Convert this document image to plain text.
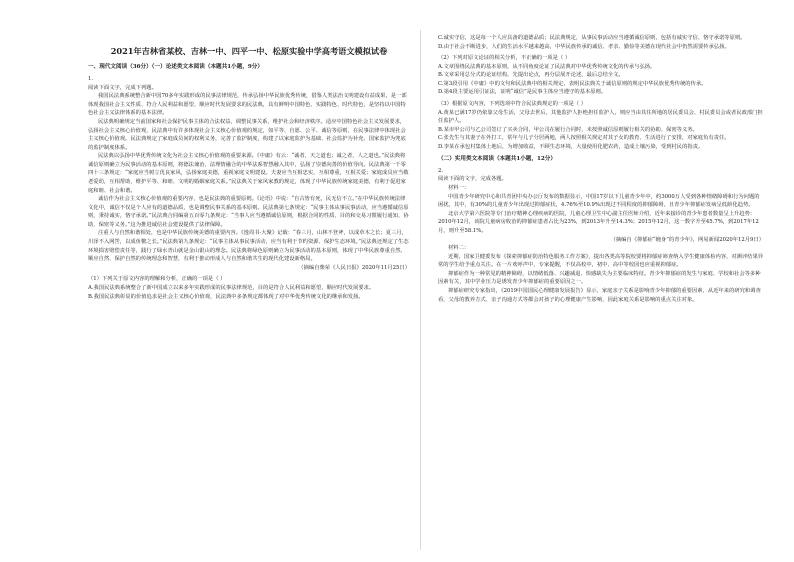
2021年吉林省某校、吉林一中、四平一中、松原实验中学高考语文模拟试卷
一、现代文阅读（36分）（一）论述类文本阅读（本题共1小题，9分）

1.

阅读下面文字，完成下列题。

我国民法典系统整合新中国70多年实践形成的民事法律规范，传承弘扬中华民族优秀传统，借鉴人类法治文明建设有益成果，是一部体现我国社会主义性质、符合人民利益和愿望、顺应时代发展要求的民法典，具有鲜明中国特色、实践特色、时代特色，是坚持以中国特色社会主义法律体系的基本法律。

民法典明确规定当前国家和社会保护民事主体的合法权益，调整民事关系，维护社会和经济秩序。适应中国特色社会主义发展要求，弘扬社会主义核心价值观，民法典中有许多体现社会主义核心价值观的规定，如平等、自愿、公平、诚信等原则，在民事法律中体现社会主义核心价值观。民法典规定了家庭成员间的权利义务，完善了监护制度，构建了以家庭监护为基础、社会监护为补充、国家监护为兜底的监护制度体系。

民法典以弘扬中华优秀传统文化为社会主义核心价值观的重要来源。《中庸》有云：“诚者，天之道也；诚之者，人之道也。”民法典将诚信原则确立为民事活动的基本原则，将德法兼治、法理情融合的中华法系智慧融入其中，弘扬了崇德向善的价值导向。民法典第一千零四十三条规定：“家庭应当树立优良家风，弘扬家庭美德，重视家庭文明建设。夫妻应当互相忠实，互相尊重，互相关爱；家庭成员应当敬老爱幼，互相帮助，维护平等、和睦、文明的婚姻家庭关系。”民法典关于家风家教的规定，体现了中华民族传统家庭美德，有利于促进家庭和睦、社会和谐。

诚信作为社会主义核心价值观的重要内容，也是民法典的重要原则。《论语》中说：“自古皆有死，民无信不立。”在中华民族传统法律文化中，诚信不仅是个人应有的道德品质，也是调整民事关系的基本原则。民法典第七条规定：“民事主体从事民事活动，应当遵循诚信原则，秉持诚实，恪守承诺。”民法典合同编第五百零九条规定：“当事人应当遵循诚信原则，根据合同的性质、目的和交易习惯履行通知、协助、保密等义务。”这为推进诚信社会建设提供了法律保障。

注重人与自然和谐相处，也是中华民族传统美德的重要内容。《逸周书·大聚》记载：“春三月，山林不登斧，以成草木之长；夏三月，川泽不入网罟，以成鱼鳖之长。”民法典第九条规定：“民事主体从事民事活动，应当有利于节约资源、保护生态环境。”民法典还规定了生态环境损害赔偿责任等，践行了绿水青山就是金山银山的理念。民法典将绿色原则确立为民事活动的基本原则，体现了中华民族尊重自然、顺应自然、保护自然的传统理念和智慧，有利于推动形成人与自然和谐共生的现代化建设新格局。

（摘编自柴荣《人民日报》2020年11月25日）

（1）下列关于原文内容的理解和分析，正确的一项是（ ）

A.我国民法典系统整合了新中国成立以来多年实践形成的民事法律规范，目的是符合人民利益和愿望、顺应时代发展要求。

B.我国民法典彰显的价值追求是社会主义核心价值观，民法典中多条规定都体现了对中华优秀传统文化的继承和发扬。

C.诚实守信，这是每一个人应具备的道德品质；民法典规定，从事民事活动应当遵循诚信原则，包括有诚实守信、恪守承诺等原则。

D.由于社会不断进步，人们的生活水平越来越高，中华民族传承的诚信、孝亲、勤俭等美德在现代社会中仍然需要传承弘扬。

（2）下列对原文论证的相关分析，不正确的一项是（ ）

A.文章围绕民法典的基本原则，从不同角度论证了民法典对中华优秀传统文化的传承与弘扬。

B.文章采用总分式的论证结构，先提出论点，再分层展开论述，最后总结全文。

C.第3段引用《中庸》中的文句和民法典中的相关规定，表明民法典关于诚信原则的规定中华民族优秀传统的传承。

D.第4段主要运用引证法，证明“诚信”是民事主体应当遵守的基本原则。

（3）根据原文内容，下列选项中符合民法典规定的一项是（ ）

A.黄某已满17岁仍依靠父母生活，父母去世后，其他监护人拒绝担任监护人，则应当由其住所地的居民委员会、村民委员会或者民政部门担任监护人。

B.某市甲公司与乙公司签订了买卖合同，甲公司在履行合同时，未按照诚信原则履行相关的协助、保密等义务。

C.张先生与其妻子在外打工，常年与儿子分居两地，两人按照相关规定对其子女的教育、生活进行了安排，对家庭负有责任。

D.李某在承包村集体土地后，为增加收益，不顾生态环境，大量使用化肥农药，造成土壤污染，受到村民的指责。

（二）实用类文本阅读（本题共1小题，12分）

2.

阅读下面的文字，完成各题。

材料一：

中国青少年研究中心和共青团中央办公厅发布的数据显示，中国17岁以下儿童青少年中，约3000万人受到各种情绪障碍和行为问题的困扰，其中，有30%的儿童青少年出现过抑郁症状，4.76%至10.9%出现过不同程度的抑郁障碍，且青少年抑郁症发病呈低龄化趋势。

北京大学第六医院等专门治疗精神心理疾病的医院，儿童心理卫生中心副主任医师介绍，近年来接诊的青少年患者数量呈上升趋势：2010年12月，该院儿童病房收治的抑郁症患者占比为23%，到2013年升至14.3%；2015年12月，这一数字升至45.7%，到2017年12月，则升至58.1%。

（摘编自《抑郁症“缠身”的青少年》，网易新闻2020年12月9日）

材料二：

近期，国家卫健委发布《探索抑郁症防治特色服务工作方案》，提出各类高等院校要将抑郁症筛查纳入学生健康体检内容，对测评结果异常的学生给予重点关注。在一片欢呼声中，专家提醒，不仅高校中，初中、高中等校园也应重视抑郁症。

抑郁症作为一种常见的精神障碍，以情绪低落、兴趣减退、快感缺失为主要临床特征。青少年抑郁症的发生与家庭、学校和社会等多种因素有关，其中学业压力是诱发青少年抑郁症的重要原因之一。

抑郁症研究专家指出，《2019中国国民心理健康发展报告》显示，家庭亲子关系是影响青少年抑郁的重要因素，从近年来的研究和调查看，父母的教养方式、亲子沟通方式等都会对孩子的心理健康产生影响，因此家庭关系是影响的重点关注对象。
